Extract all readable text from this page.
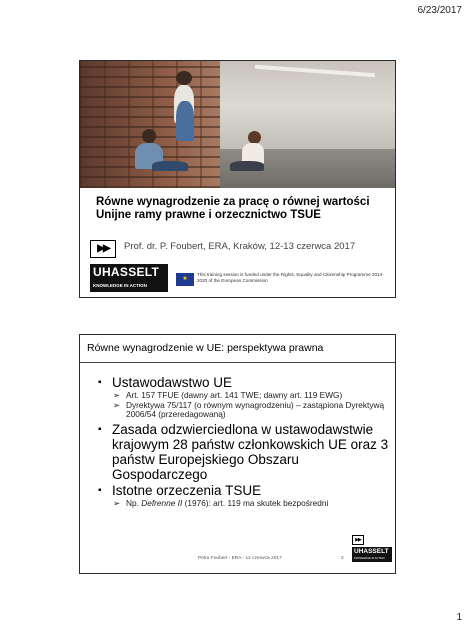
6/23/2017
Równe wynagrodzenie za pracę o równej wartości Unijne ramy prawne i orzecznictwo TSUE
▶▶	Prof. dr. P. Foubert, ERA, Kraków, 12-13 czerwca 2017
UHASSELT
KNOWLEDGE IN ACTION
★
This training session is funded under the Rights, Equality and Citizenship Programme 2014-2020 of the European Commission
Równe wynagrodzenie w UE: perspektywa prawna
▪ Ustawodawstwo UE
➢ Art. 157 TFUE (dawny art. 141 TWE; dawny art. 119 EWG)
➢ Dyrektywa 75/117 (o równym wynagrodzeniu) – zastąpiona Dyrektywą 2006/54 (przeredagowaną)
▪ Zasada odzwierciedlona w ustawodawstwie krajowym 28 państw członkowskich UE oraz 3 państw Europejskiego Obszaru Gospodarczego
▪ Istotne orzeczenia TSUE
➢ Np. Defrenne II (1976): art. 119 ma skutek bezpośredni
Petra Foubert - ERA - 12 czerwca 2017	2
▶▶
UHASSELT
KNOWLEDGE IN ACTION
1
